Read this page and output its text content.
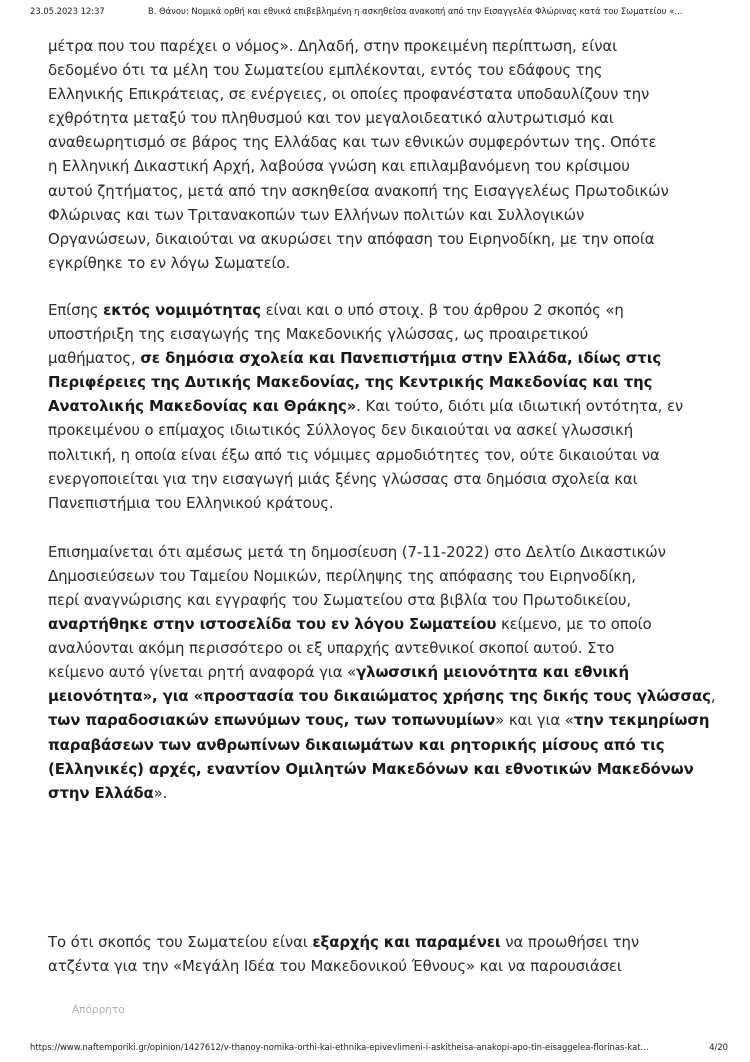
23.05.2023 12:37	Β. Θάνου: Νομικά ορθή και εθνικά επιβεβλημένη η ασκηθείσα ανακοπή από την Εισαγγελέα Φλώρινας κατά του Σωματείου «…

μέτρα που του παρέχει ο νόμος». Δηλαδή, στην προκειμένη περίπτωση, είναι
δεδομένο ότι τα μέλη του Σωματείου εμπλέκονται, εντός του εδάφους της
Ελληνικής Επικράτειας, σε ενέργειες, οι οποίες προφανέστατα υποδαυλίζουν την
εχθρότητα μεταξύ του πληθυσμού και τον μεγαλοιδεατικό αλυτρωτισμό και
αναθεωρητισμό σε βάρος της Ελλάδας και των εθνικών συμφερόντων της. Οπότε
η Ελληνική Δικαστική Αρχή, λαβούσα γνώση και επιλαμβανόμενη του κρίσιμου
αυτού ζητήματος, μετά από την ασκηθείσα ανακοπή της Εισαγγελέως Πρωτοδικών
Φλώρινας και των Τριτανακοπών των Ελλήνων πολιτών και Συλλογικών
Οργανώσεων, δικαιούται να ακυρώσει την απόφαση του Ειρηνοδίκη, με την οποία
εγκρίθηκε το εν λόγω Σωματείο.

Επίσης εκτός νομιμότητας είναι και ο υπό στοιχ. β του άρθρου 2 σκοπός «η
υποστήριξη της εισαγωγής της Μακεδονικής γλώσσας, ως προαιρετικού
μαθήματος, σε δημόσια σχολεία και Πανεπιστήμια στην Ελλάδα, ιδίως στις
Περιφέρειες της Δυτικής Μακεδονίας, της Κεντρικής Μακεδονίας και της
Ανατολικής Μακεδονίας και Θράκης». Και τούτο, διότι μία ιδιωτική οντότητα, εν
προκειμένου ο επίμαχος ιδιωτικός Σύλλογος δεν δικαιούται να ασκεί γλωσσική
πολιτική, η οποία είναι έξω από τις νόμιμες αρμοδιότητες τον, ούτε δικαιούται να
ενεργοποιείται για την εισαγωγή μιάς ξένης γλώσσας στα δημόσια σχολεία και
Πανεπιστήμια του Ελληνικού κράτους.

Επισημαίνεται ότι αμέσως μετά τη δημοσίευση (7-11-2022) στο Δελτίο Δικαστικών
Δημοσιεύσεων του Ταμείου Νομικών, περίληψης της απόφασης του Ειρηνοδίκη,
περί αναγνώρισης και εγγραφής του Σωματείου στα βιβλία του Πρωτοδικείου,
αναρτήθηκε στην ιστοσελίδα του εν λόγου Σωματείου κείμενο, με το οποίο
αναλύονται ακόμη περισσότερο οι εξ υπαρχής αντεθνικοί σκοποί αυτού. Στο
κείμενο αυτό γίνεται ρητή αναφορά για «γλωσσική μειονότητα και εθνική
μειονότητα», για «προστασία του δικαιώματος χρήσης της δικής τους γλώσσας,
των παραδοσιακών επωνύμων τους, των τοπωνυμίων» και για «την τεκμηρίωση
παραβάσεων των ανθρωπίνων δικαιωμάτων και ρητορικής μίσους από τις
(Ελληνικές) αρχές, εναντίον Ομιλητών Μακεδόνων και εθνοτικών Μακεδόνων
στην Ελλάδα».

Το ότι σκοπός του Σωματείου είναι εξαρχής και παραμένει να προωθήσει την
ατζέντα για την «Μεγάλη Ιδέα του Μακεδονικού Έθνους» και να παρουσιάσει

Απόρρητο
https://www.naftemporiki.gr/opinion/1427612/v-thanoy-nomika-orthi-kai-ethnika-epivevlimeni-i-askitheisa-anakopi-apo-tin-eisaggelea-florinas-kat…	4/20
